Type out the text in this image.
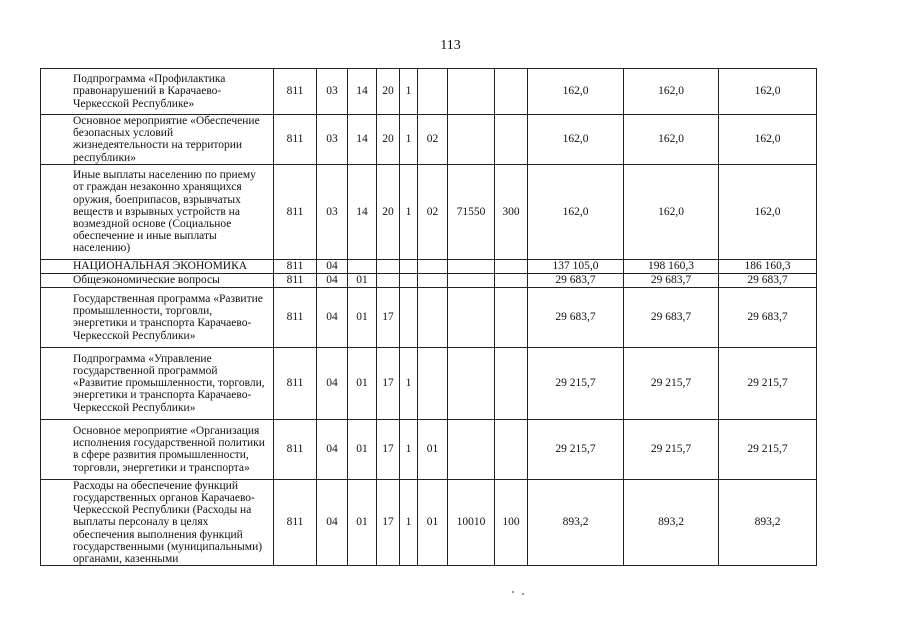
113
Подпрограмма «Профилактика правонарушений в Карачаево-Черкесской Республике»	811	03	14	20	1				162,0	162,0	162,0
Основное мероприятие «Обеспечение безопасных условий жизнедеятельности на территории республики»	811	03	14	20	1	02			162,0	162,0	162,0
Иные выплаты населению по приему от граждан незаконно хранящихся оружия, боеприпасов, взрывчатых веществ и взрывных устройств на возмездной основе (Социальное обеспечение и иные выплаты населению)	811	03	14	20	1	02	71550	300	162,0	162,0	162,0
НАЦИОНАЛЬНАЯ ЭКОНОМИКА	811	04							137 105,0	198 160,3	186 160,3
Общеэкономические вопросы	811	04	01						29 683,7	29 683,7	29 683,7
Государственная программа «Развитие промышленности, торговли, энергетики и транспорта Карачаево-Черкесской Республики»	811	04	01	17					29 683,7	29 683,7	29 683,7
Подпрограмма «Управление государственной программой «Развитие промышленности, торговли, энергетики и транспорта Карачаево-Черкесской Республики»	811	04	01	17	1				29 215,7	29 215,7	29 215,7
Основное мероприятие «Организация исполнения государственной политики в сфере развития промышленности, торговли, энергетики и транспорта»	811	04	01	17	1	01			29 215,7	29 215,7	29 215,7
Расходы на обеспечение функций государственных органов Карачаево-Черкесской Республики (Расходы на выплаты персоналу в целях обеспечения выполнения функций государственными (муниципальными) органами, казенными	811	04	01	17	1	01	10010	100	893,2	893,2	893,2
